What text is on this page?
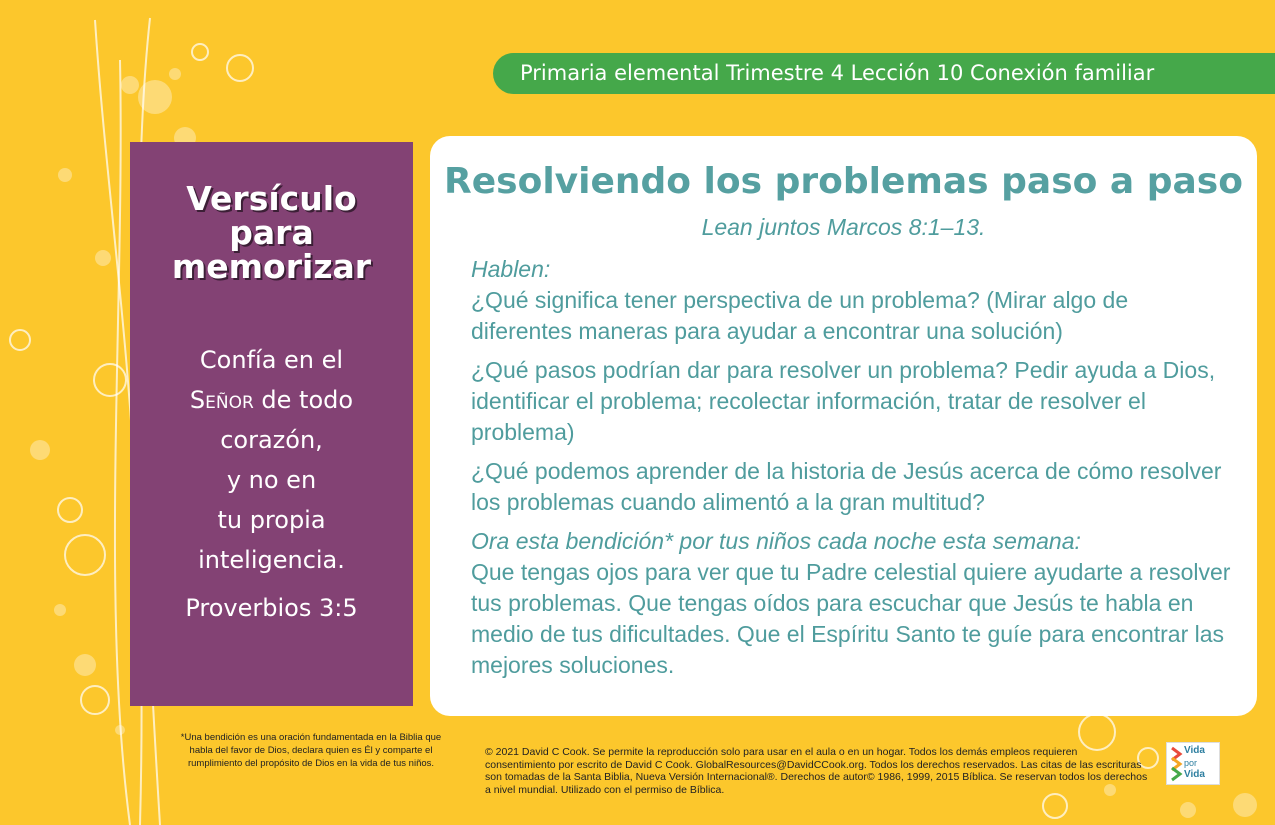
Primaria elemental Trimestre 4 Lección 10 Conexión familiar
Versículo
para
memorizar
Confía en el
Señor de todo
corazón,
y no en
tu propia
inteligencia.
Proverbios 3:5
Resolviendo los problemas paso a paso
Lean juntos Marcos 8:1–13.

Hablen:
¿Qué significa tener perspectiva de un problema? (Mirar algo de diferentes maneras para ayudar a encontrar una solución)

¿Qué pasos podrían dar para resolver un problema? Pedir ayuda a Dios, identificar el problema; recolectar información, tratar de resolver el problema)

¿Qué podemos aprender de la historia de Jesús acerca de cómo resolver los problemas cuando alimentó a la gran multitud?

Ora esta bendición* por tus niños cada noche esta semana:
Que tengas ojos para ver que tu Padre celestial quiere ayudarte a resolver tus problemas. Que tengas oídos para escuchar que Jesús te habla en medio de tus dificultades. Que el Espíritu Santo te guíe para encontrar las mejores soluciones.

*Una bendición es una oración fundamentada en la Biblia que habla del favor de Dios, declara quien es Él y comparte el rumplimiento del propósito de Dios en la vida de tus niños.
© 2021 David C Cook. Se permite la reproducción solo para usar en el aula o en un hogar. Todos los demás empleos requieren consentimiento por escrito de David C Cook. GlobalResources@DavidCCook.org. Todos los derechos reservados. Las citas de las escrituras son tomadas de la Santa Biblia, Nueva Versión Internacional®. Derechos de autor© 1986, 1999, 2015 Bíblica. Se reservan todos los derechos a nivel mundial. Utilizado con el permiso de Bíblica.
Vida
por
Vida
